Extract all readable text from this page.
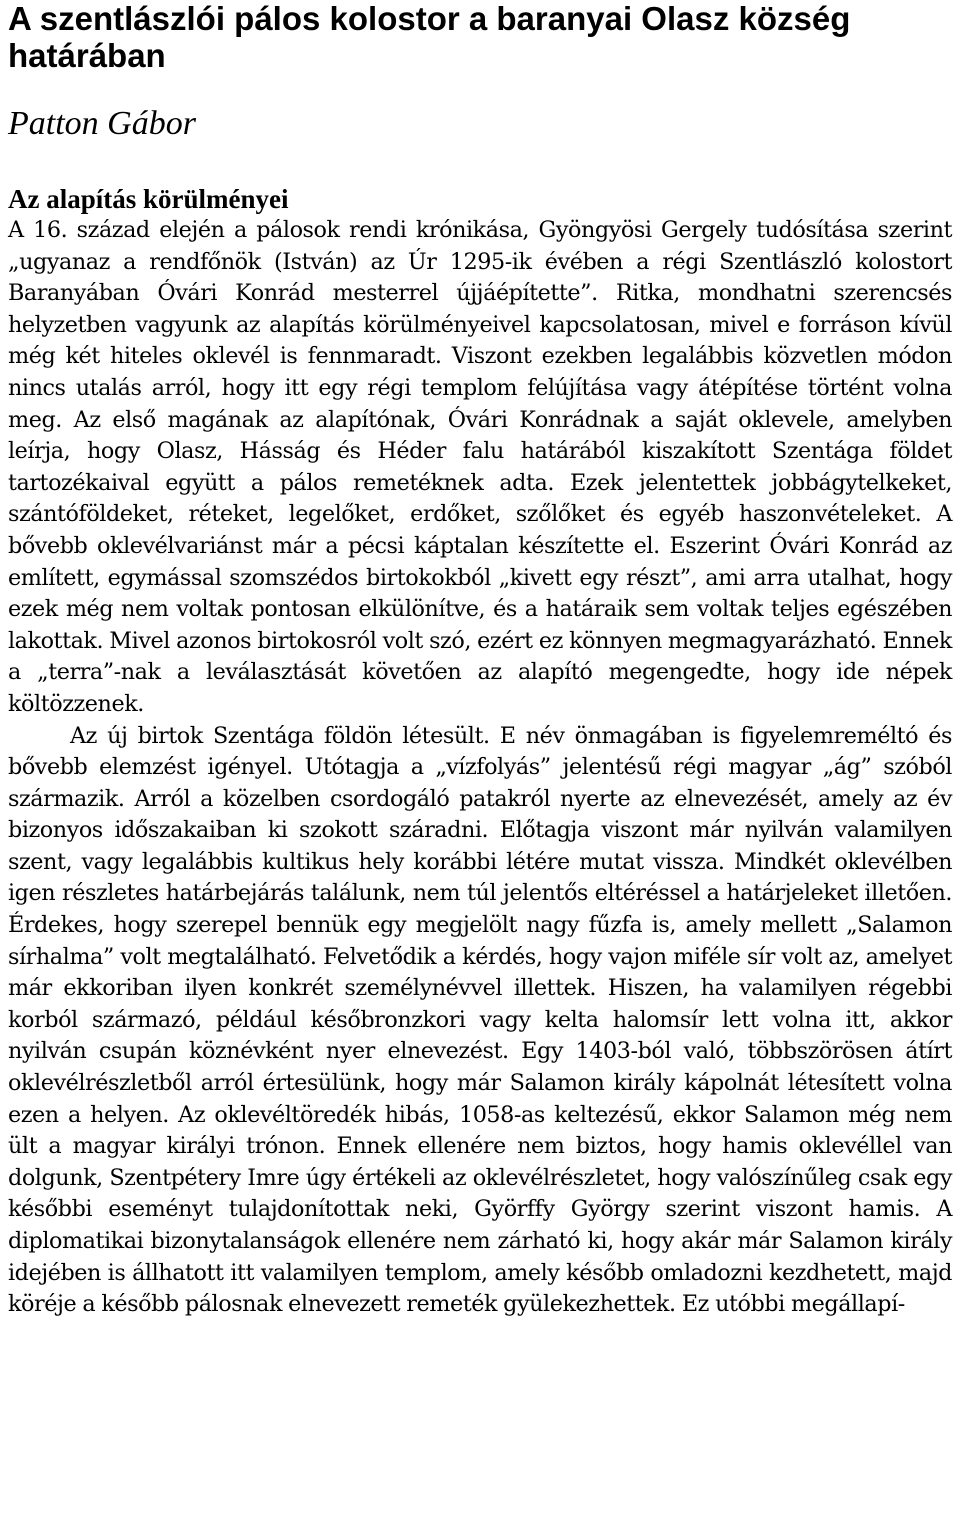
A szentlászlói pálos kolostor a baranyai Olasz község határában
Patton Gábor
Az alapítás körülményei

A 16. század elején a pálosok rendi krónikása, Gyöngyösi Gergely tudósítása szerint „ugyanaz a rendfőnök (István) az Úr 1295-ik évében a régi Szentlászló kolostort Baranyában Óvári Konrád mesterrel újjáépítette”. Ritka, mondhatni szerencsés helyzetben vagyunk az alapítás körülményeivel kapcsolatosan, mivel e forráson kívül még két hiteles oklevél is fennmaradt. Viszont ezekben legalábbis közvetlen módon nincs utalás arról, hogy itt egy régi templom felújítása vagy átépítése történt volna meg. Az első magának az alapítónak, Óvári Konrádnak a saját oklevele, amelyben leírja, hogy Olasz, Hásság és Héder falu határából kiszakított Szentága földet tartozékaival együtt a pálos remetéknek adta. Ezek jelentettek jobbágytelkeket, szántóföldeket, réteket, legelőket, erdőket, szőlőket és egyéb haszonvételeket. A bővebb oklevélvariánst már a pécsi káptalan készítette el. Eszerint Óvári Konrád az említett, egymással szomszédos birtokokból „kivett egy részt”, ami arra utalhat, hogy ezek még nem voltak pontosan elkülönítve, és a határaik sem voltak teljes egészében lakottak. Mivel azonos birtokosról volt szó, ezért ez könnyen megmagyarázható. Ennek a „terra”-nak a leválasztását követően az alapító megengedte, hogy ide népek költözzenek.

Az új birtok Szentága földön létesült. E név önmagában is figyelemreméltó és bővebb elemzést igényel. Utótagja a „vízfolyás” jelentésű régi magyar „ág” szóból származik. Arról a közelben csordogáló patakról nyerte az elnevezését, amely az év bizonyos időszakaiban ki szokott száradni. Előtagja viszont már nyilván valamilyen szent, vagy legalábbis kultikus hely korábbi létére mutat vissza. Mindkét oklevélben igen részletes határbejárás találunk, nem túl jelentős eltéréssel a határjeleket illetően. Érdekes, hogy szerepel bennük egy megjelölt nagy fűzfa is, amely mellett „Salamon sírhalma” volt megtalálható. Felvetődik a kérdés, hogy vajon miféle sír volt az, amelyet már ekkoriban ilyen konkrét személynévvel illettek. Hiszen, ha valamilyen régebbi korból származó, például későbronzkori vagy kelta halomsír lett volna itt, akkor nyilván csupán köznévként nyer elnevezést. Egy 1403-ból való, többszörösen átírt oklevélrészletből arról értesülünk, hogy már Salamon király kápolnát létesített volna ezen a helyen. Az oklevéltöredék hibás, 1058-as keltezésű, ekkor Salamon még nem ült a magyar királyi trónon. Ennek ellenére nem biztos, hogy hamis oklevéllel van dolgunk, Szentpétery Imre úgy értékeli az oklevélrészletet, hogy valószínűleg csak egy későbbi eseményt tulajdonítottak neki, Györffy György szerint viszont hamis. A diplomatikai bizonytalanságok ellenére nem zárható ki, hogy akár már Salamon király idejében is állhatott itt valamilyen templom, amely később omladozni kezdhetett, majd köréje a később pálosnak elnevezett remeték gyülekezhettek. Ez utóbbi megállapí-
